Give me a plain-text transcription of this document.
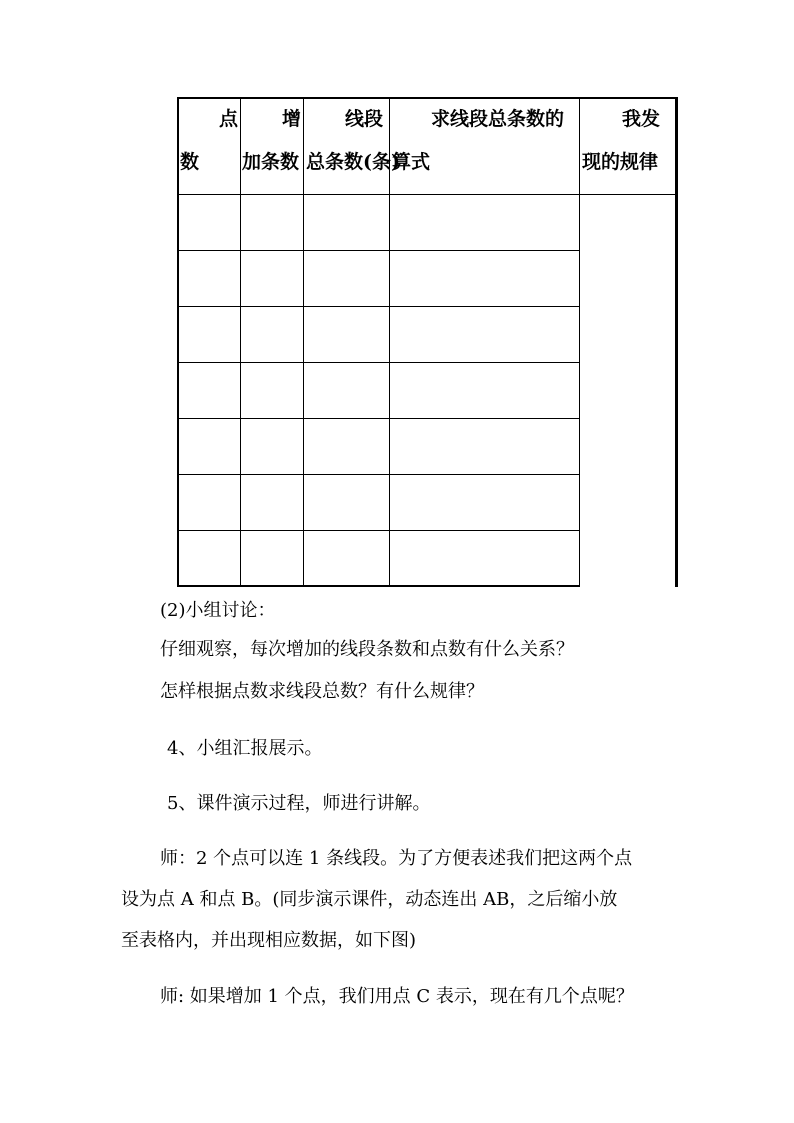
点
数
增
加条数
线段
总条数(条)
求线段总条数的
算式
我发
现的规律
(2)小组讨论：
仔细观察，每次增加的线段条数和点数有什么关系？
怎样根据点数求线段总数？有什么规律？
4、小组汇报展示。
5、课件演示过程，师进行讲解。
师：2 个点可以连 1 条线段。为了方便表述我们把这两个点
设为点 A 和点 B。(同步演示课件，动态连出 AB，之后缩小放
至表格内，并出现相应数据，如下图)
师: 如果增加 1 个点，我们用点 C 表示，现在有几个点呢？
